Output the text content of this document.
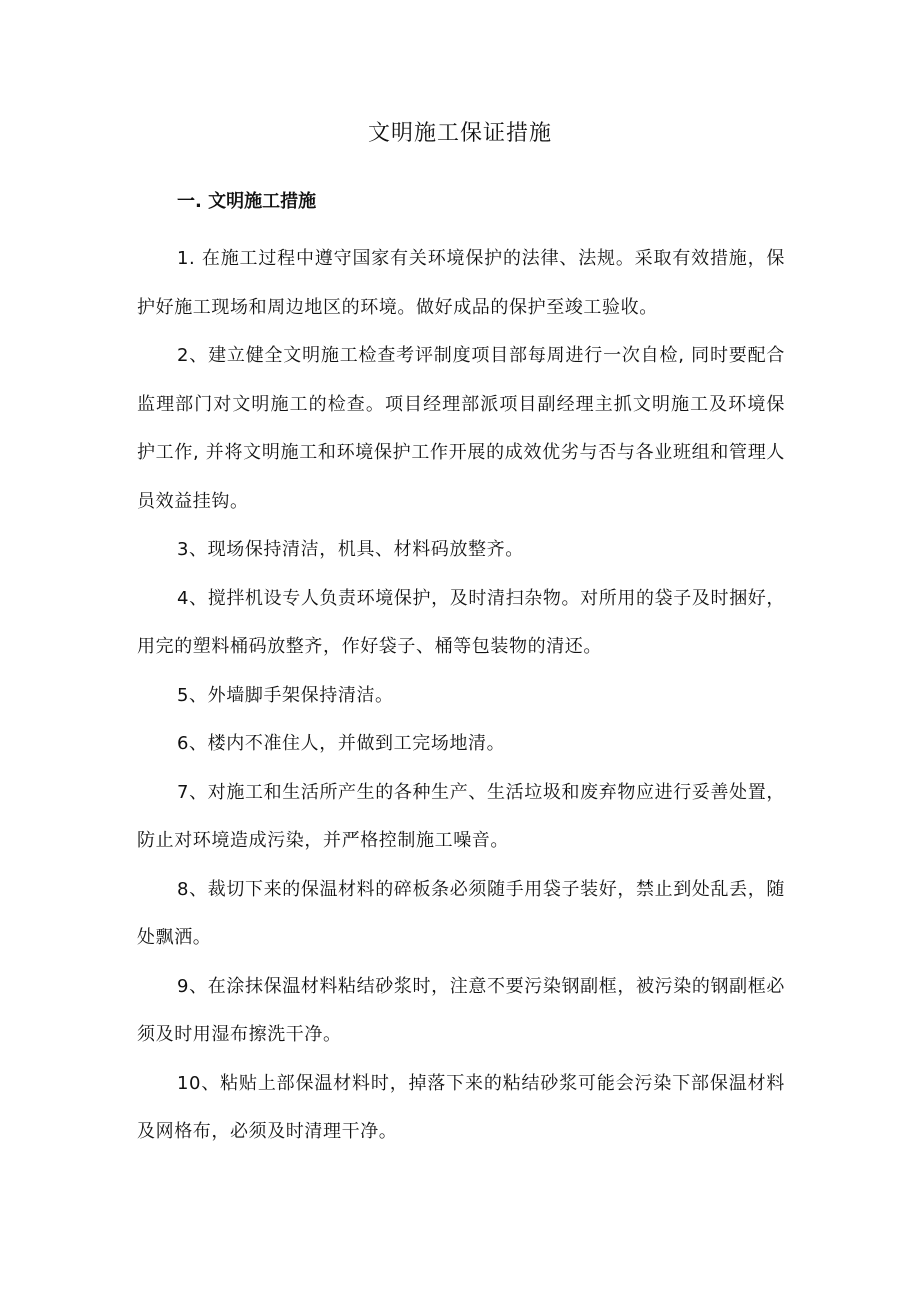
文明施工保证措施
一. 文明施工措施

1. 在施工过程中遵守国家有关环境保护的法律、法规。采取有效措施，保护好施工现场和周边地区的环境。做好成品的保护至竣工验收。

2、建立健全文明施工检查考评制度项目部每周进行一次自检, 同时要配合监理部门对文明施工的检查。项目经理部派项目副经理主抓文明施工及环境保护工作, 并将文明施工和环境保护工作开展的成效优劣与否与各业班组和管理人员效益挂钩。

3、现场保持清洁，机具、材料码放整齐。

4、搅拌机设专人负责环境保护，及时清扫杂物。对所用的袋子及时捆好，用完的塑料桶码放整齐，作好袋子、桶等包装物的清还。

5、外墙脚手架保持清洁。

6、楼内不准住人，并做到工完场地清。

7、对施工和生活所产生的各种生产、生活垃圾和废弃物应进行妥善处置，防止对环境造成污染，并严格控制施工噪音。

8、裁切下来的保温材料的碎板条必须随手用袋子装好，禁止到处乱丢，随处飘洒。

9、在涂抹保温材料粘结砂浆时，注意不要污染钢副框，被污染的钢副框必须及时用湿布擦洗干净。

10、粘贴上部保温材料时，掉落下来的粘结砂浆可能会污染下部保温材料及网格布，必须及时清理干净。
